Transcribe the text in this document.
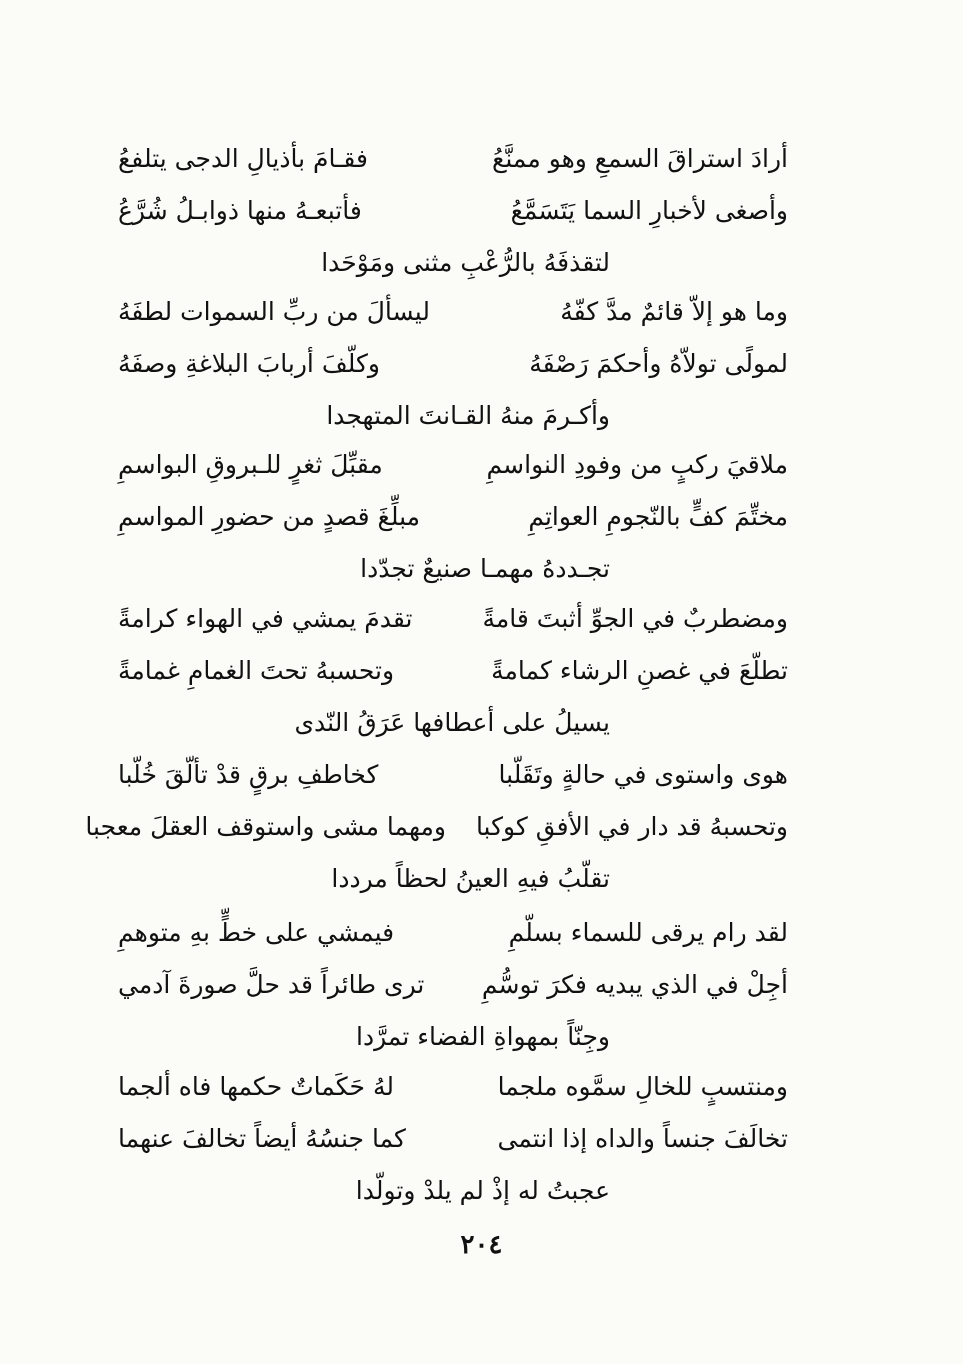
أرادَ استراقَ السمعِ وهو ممنَّعُ
فقـامَ بأذيالِ الدجى يتلفعُ
وأصغى لأخبارِ السما يَتَسَمَّعُ
فأتبعـهُ منها ذوابـلُ شُرَّعُ
لتقذفَهُ بالرُّعْبِ مثنى ومَوْحَدا
وما هو إلاّ قائمٌ مدَّ كفّهُ
ليسألَ من ربِّ السموات لطفَهُ
لمولًى تولاّهُ وأحكمَ رَصْفَهُ
وكلّفَ أربابَ البلاغةِ وصفَهُ
وأكـرمَ منهُ القـانتَ المتهجدا
ملاقيَ ركبٍ من وفودِ النواسمِ
مقبِّلَ ثغرٍ للـبروقِ البواسمِ
مختِّمَ كفٍّ بالنّجومِ العواتِمِ
مبلِّغَ قصدٍ من حضورِ المواسمِ
تجـددهُ مهمـا صنيعٌ تجدّدا
ومضطربٌ في الجوِّ أثبتَ قامةً
تقدمَ يمشي في الهواء كرامةً
تطلّعَ في غصنِ الرشاء كمامةً
وتحسبهُ تحتَ الغمامِ غمامةً
يسيلُ على أعطافها عَرَقُ النّدى
هوى واستوى في حالةٍ وتَقَلّبا
كخاطفِ برقٍ قدْ تألّقَ خُلّبا
وتحسبهُ قد دار في الأفقِ كوكبا
ومهما مشى واستوقف العقلَ معجبا
تقلّبُ فيهِ العينُ لحظاً مرددا
لقد رام يرقى للسماء بسلّمِ
فيمشي على خطٍّ بهِ متوهمِ
أجِلْ في الذي يبديه فكرَ توسُّمِ
ترى طائراً قد حلَّ صورةَ آدمي
وجِنّاً بمهواةِ الفضاء تمرَّدا
ومنتسبٍ للخالِ سمَّوه ملجما
لهُ حَكَماتٌ حكمها فاه ألجما
تخالَفَ جنساً والداه إذا انتمى
كما جنسُهُ أيضاً تخالفَ عنهما
عجبتُ له إذْ لم يلدْ وتولّدا
٢٠٤
